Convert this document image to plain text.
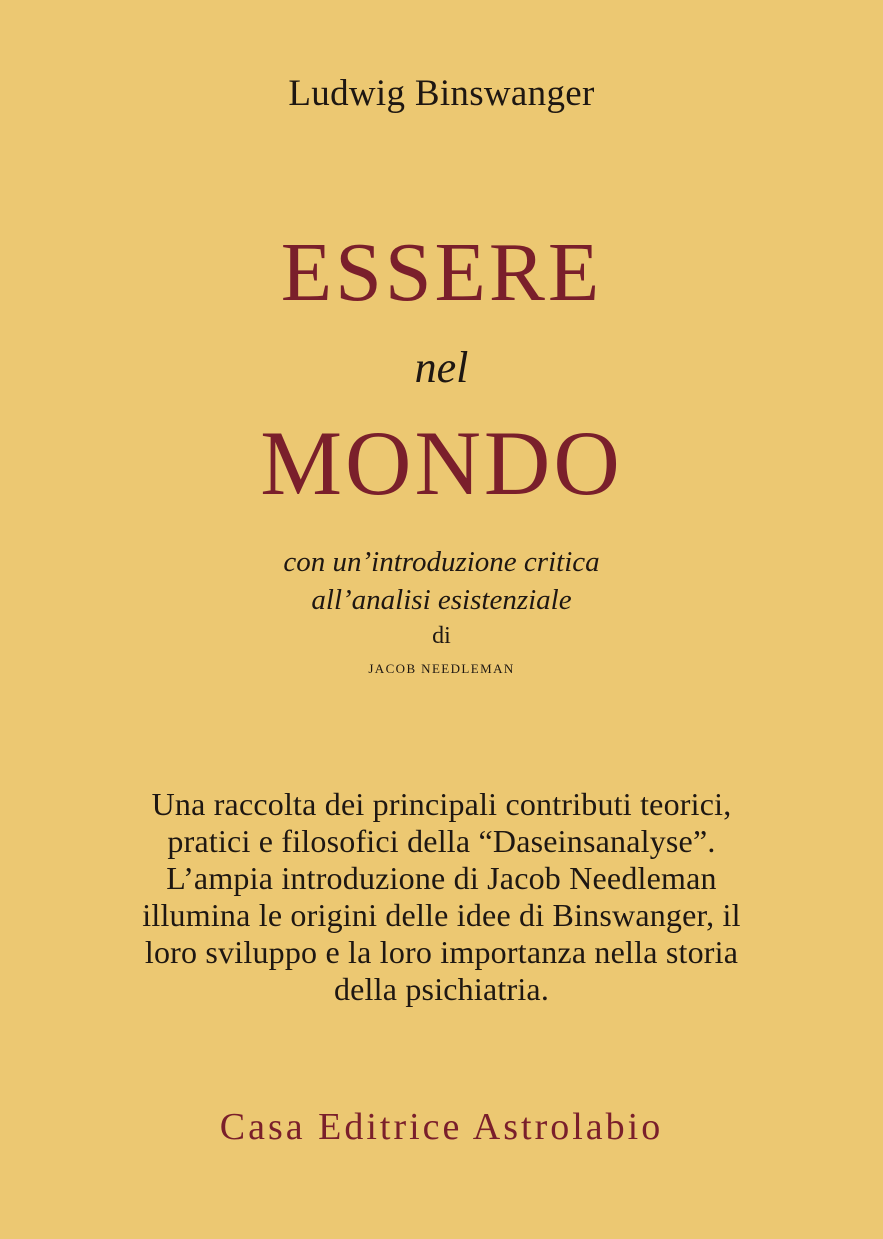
Ludwig Binswanger
ESSERE
nel
MONDO
con un’introduzione critica
all’analisi esistenziale
di
JACOB NEEDLEMAN
Una raccolta dei principali contributi teorici,
pratici e filosofici della “Daseinsanalyse”.
L’ampia introduzione di Jacob Needleman
illumina le origini delle idee di Binswanger, il
loro sviluppo e la loro importanza nella storia
della psichiatria.
Casa Editrice Astrolabio
